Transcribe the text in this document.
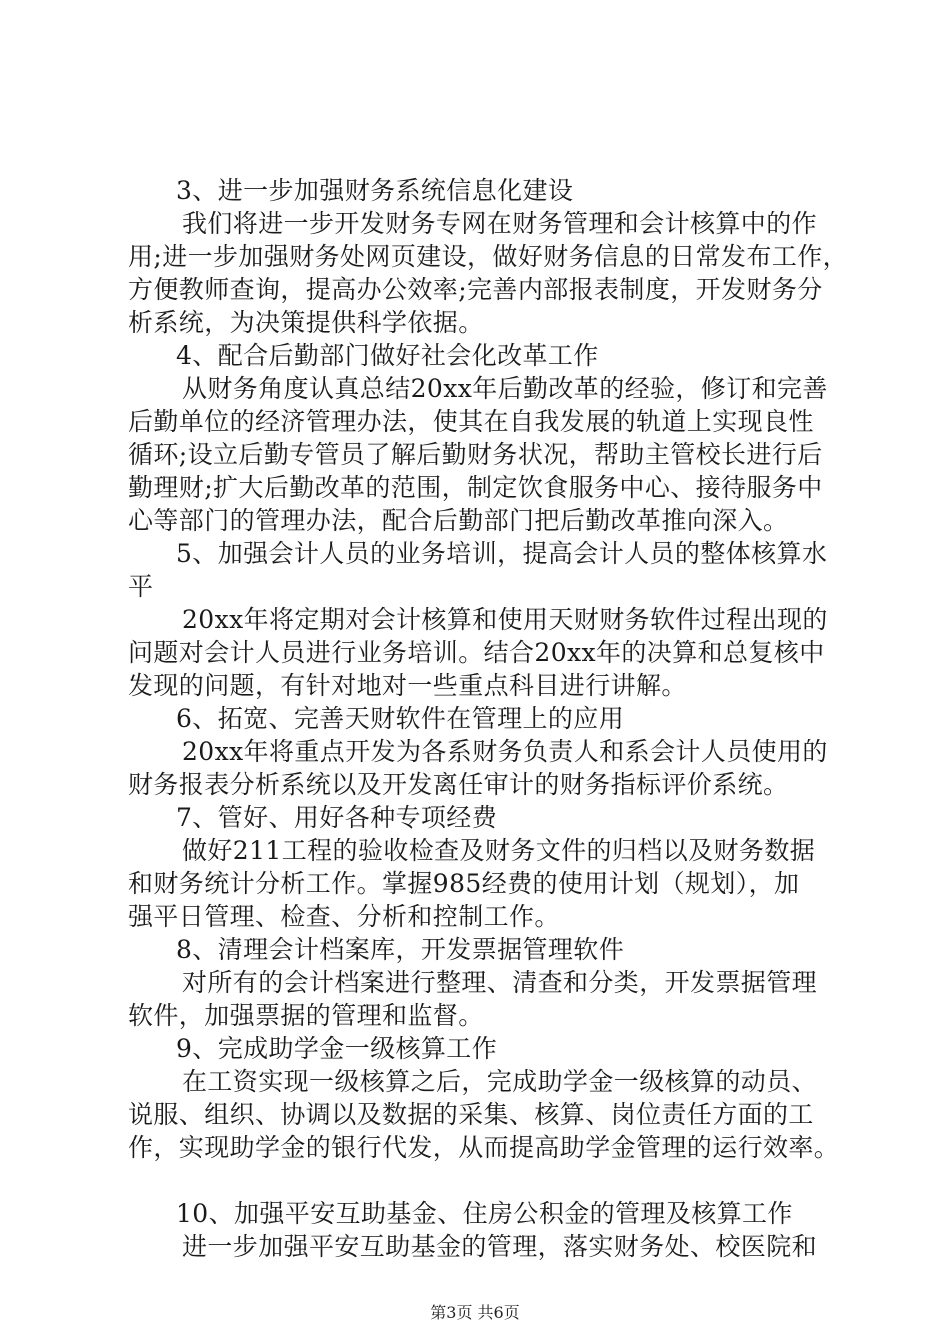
3、进一步加强财务系统信息化建设
我们将进一步开发财务专网在财务管理和会计核算中的作
用;进一步加强财务处网页建设，做好财务信息的日常发布工作，
方便教师查询，提高办公效率;完善内部报表制度，开发财务分
析系统，为决策提供科学依据。
4、配合后勤部门做好社会化改革工作
从财务角度认真总结20xx年后勤改革的经验，修订和完善
后勤单位的经济管理办法，使其在自我发展的轨道上实现良性
循环;设立后勤专管员了解后勤财务状况，帮助主管校长进行后
勤理财;扩大后勤改革的范围，制定饮食服务中心、接待服务中
心等部门的管理办法，配合后勤部门把后勤改革推向深入。
5、加强会计人员的业务培训，提高会计人员的整体核算水
平
20xx年将定期对会计核算和使用天财财务软件过程出现的
问题对会计人员进行业务培训。结合20xx年的决算和总复核中
发现的问题，有针对地对一些重点科目进行讲解。
6、拓宽、完善天财软件在管理上的应用
20xx年将重点开发为各系财务负责人和系会计人员使用的
财务报表分析系统以及开发离任审计的财务指标评价系统。
7、管好、用好各种专项经费
做好211工程的验收检查及财务文件的归档以及财务数据
和财务统计分析工作。掌握985经费的使用计划（规划），加
强平日管理、检查、分析和控制工作。
8、清理会计档案库，开发票据管理软件
对所有的会计档案进行整理、清查和分类，开发票据管理
软件，加强票据的管理和监督。
9、完成助学金一级核算工作
在工资实现一级核算之后，完成助学金一级核算的动员、
说服、组织、协调以及数据的采集、核算、岗位责任方面的工
作，实现助学金的银行代发，从而提高助学金管理的运行效率。
10、加强平安互助基金、住房公积金的管理及核算工作
进一步加强平安互助基金的管理，落实财务处、校医院和
第3页 共6页
